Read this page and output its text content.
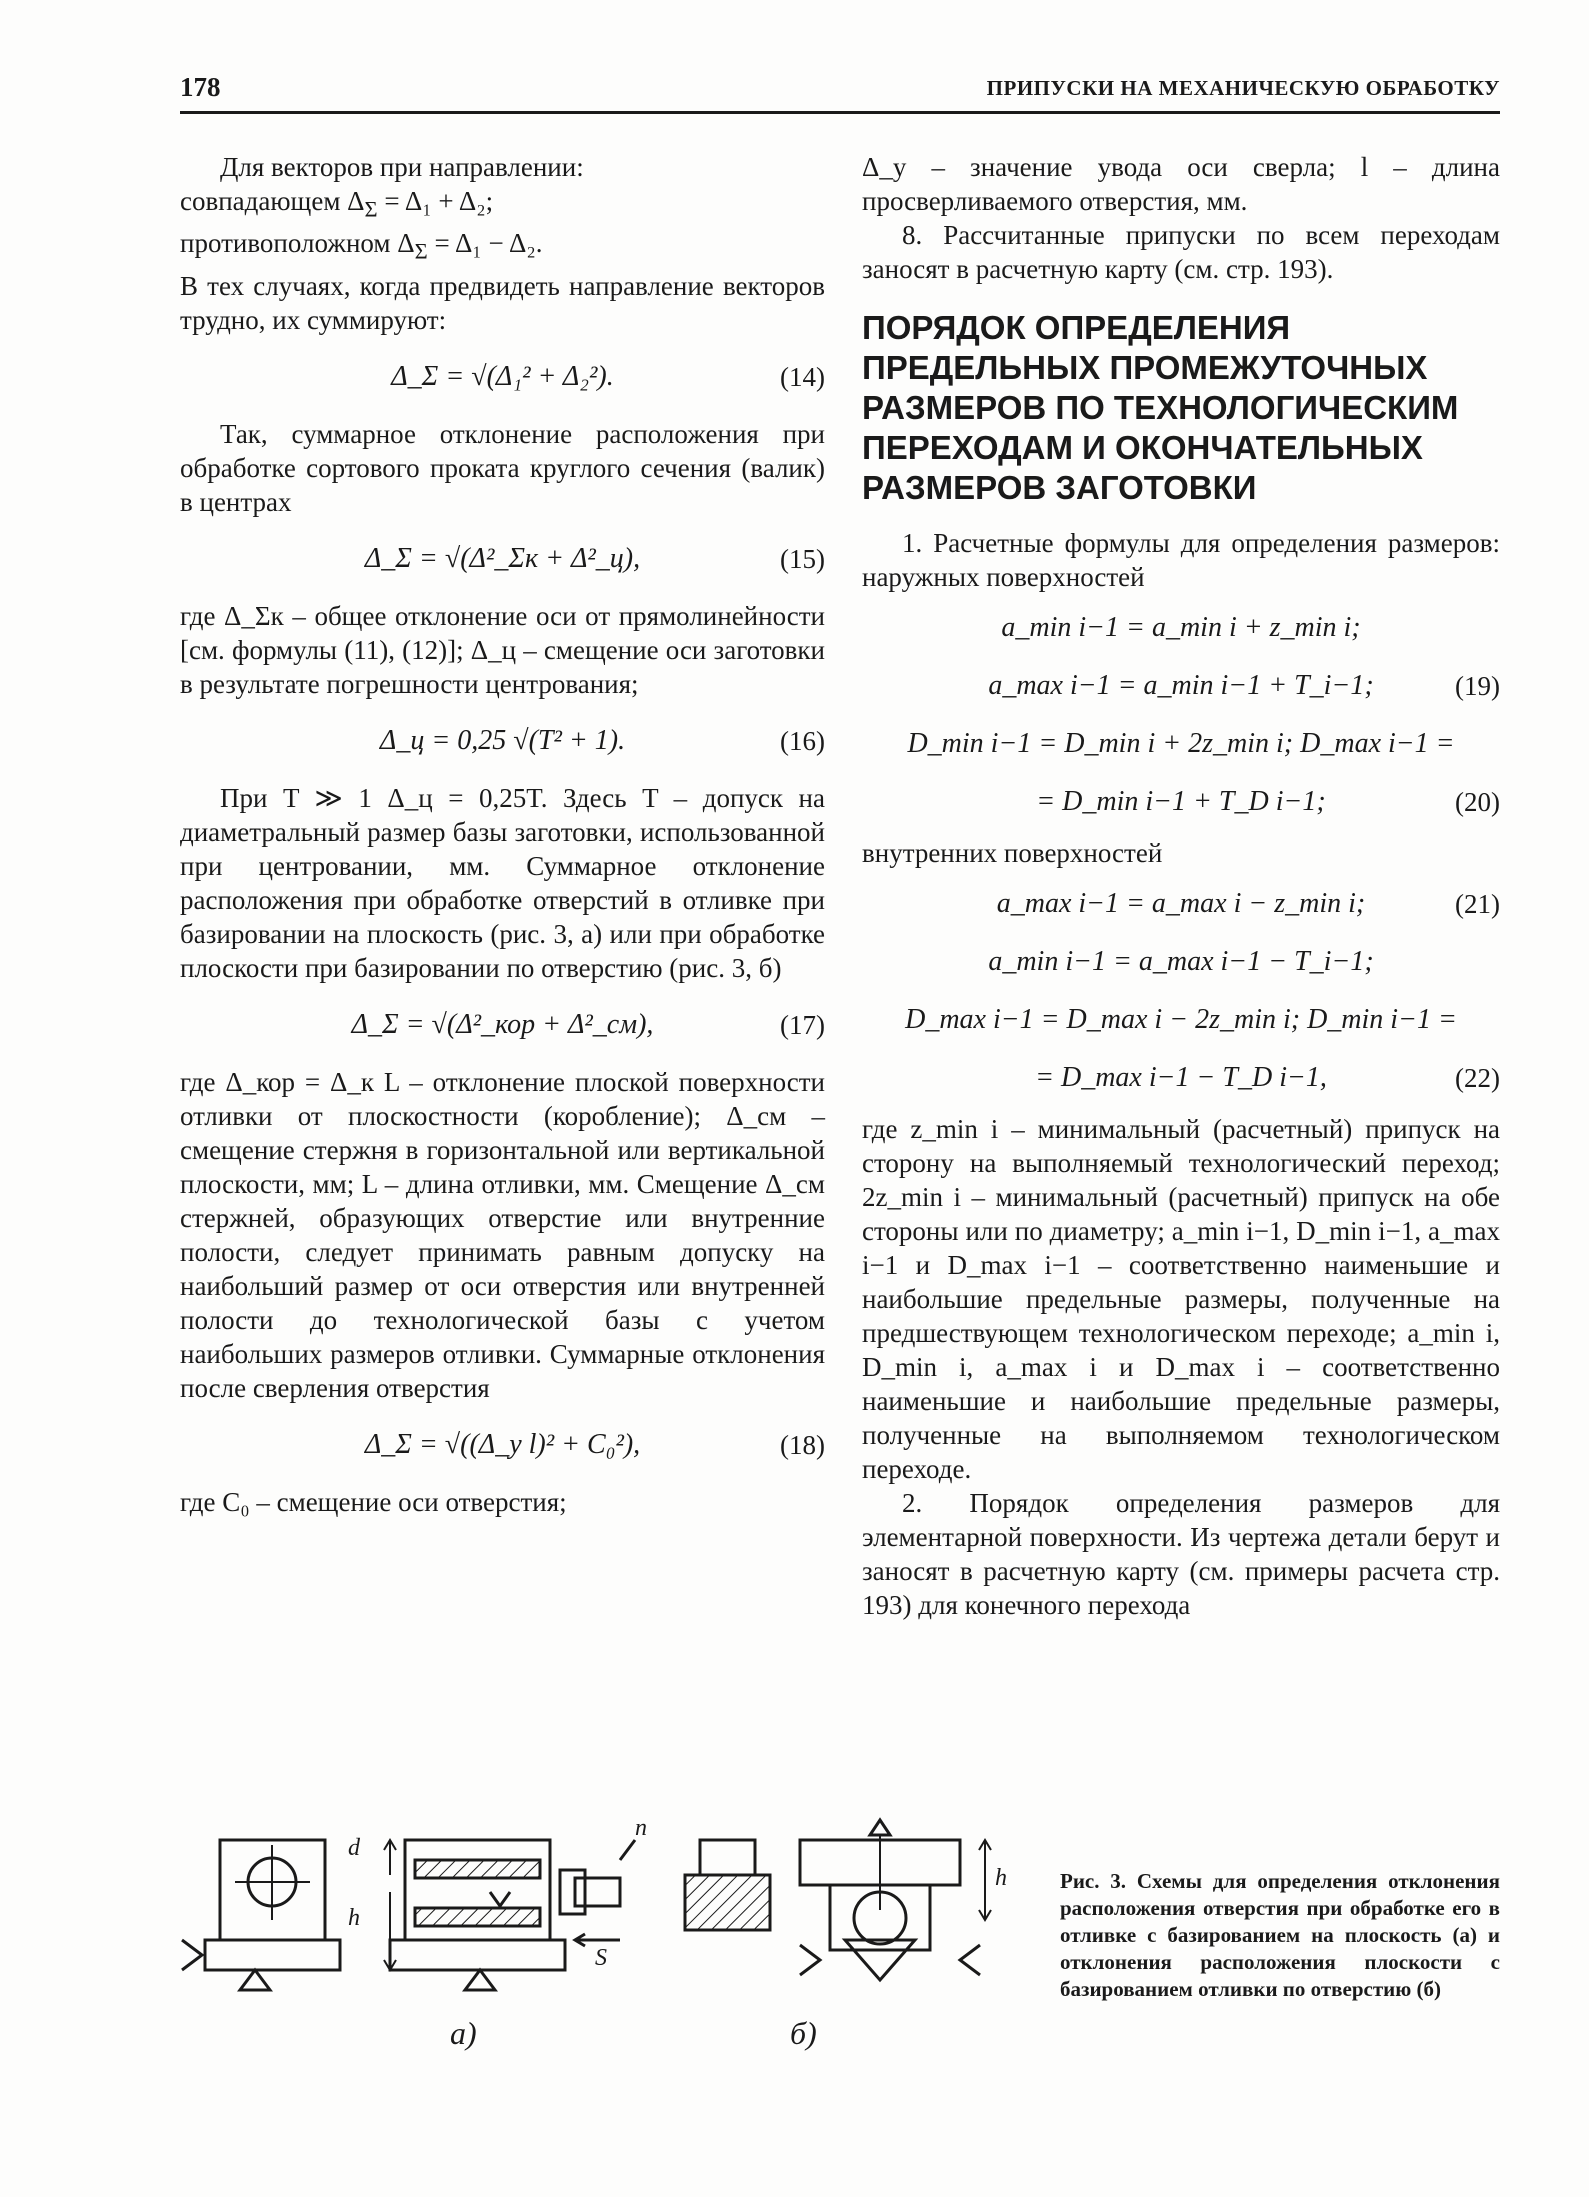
178	ПРИПУСКИ НА МЕХАНИЧЕСКУЮ ОБРАБОТКУ

Для векторов при направлении:

совпадающем $\Delta_\Sigma = \Delta_1 + \Delta_2$;

противоположном $\Delta_\Sigma = \Delta_1 - \Delta_2$.

В тех случаях, когда предвидеть направление векторов трудно, их суммируют:

Δ_Σ = √(Δ₁² + Δ₂²).	(14)

Так, суммарное отклонение расположения при обработке сортового проката круглого сечения (валик) в центрах

Δ_Σ = √(Δ²_Σк + Δ²_ц),	(15)

где Δ_Σк – общее отклонение оси от прямолинейности [см. формулы (11), (12)]; Δ_ц – смещение оси заготовки в результате погрешности центрования;

Δ_ц = 0,25 √(T² + 1).	(16)

При T ≫ 1 Δ_ц = 0,25T. Здесь T – допуск на диаметральный размер базы заготовки, использованной при центровании, мм. Суммарное отклонение расположения при обработке отверстий в отливке при базировании на плоскость (рис. 3, а) или при обработке плоскости при базировании по отверстию (рис. 3, б)

Δ_Σ = √(Δ²_кор + Δ²_см),	(17)

где Δ_кор = Δ_к L – отклонение плоской поверхности отливки от плоскостности (коробление); Δ_см – смещение стержня в горизонтальной или вертикальной плоскости, мм; L – длина отливки, мм. Смещение Δ_см стержней, образующих отверстие или внутренние полости, следует принимать равным допуску на наибольший размер от оси отверстия или внутренней полости до технологической базы с учетом наибольших размеров отливки. Суммарные отклонения после сверления отверстия

Δ_Σ = √((Δ_y l)² + C₀²),	(18)

где C₀ – смещение оси отверстия;

Δ_y – значение увода оси сверла; l – длина просверливаемого отверстия, мм.

8. Рассчитанные припуски по всем переходам заносят в расчетную карту (см. стр. 193).

ПОРЯДОК ОПРЕДЕЛЕНИЯ ПРЕДЕЛЬНЫХ ПРОМЕЖУТОЧНЫХ РАЗМЕРОВ ПО ТЕХНОЛОГИЧЕСКИМ ПЕРЕХОДАМ И ОКОНЧАТЕЛЬНЫХ РАЗМЕРОВ ЗАГОТОВКИ

1. Расчетные формулы для определения размеров: наружных поверхностей

a_min i−1 = a_min i + z_min i;
a_max i−1 = a_min i−1 + T_i−1;	(19)
D_min i−1 = D_min i + 2z_min i; D_max i−1 =
= D_min i−1 + T_D i−1;	(20)

внутренних поверхностей

a_max i−1 = a_max i − z_min i;	(21)
a_min i−1 = a_max i−1 − T_i−1;
D_max i−1 = D_max i − 2z_min i; D_min i−1 =
= D_max i−1 − T_D i−1,	(22)

где z_min i – минимальный (расчетный) припуск на сторону на выполняемый технологический переход; 2z_min i – минимальный (расчетный) припуск на обе стороны или по диаметру; a_min i−1, D_min i−1, a_max i−1 и D_max i−1 – соответственно наименьшие и наибольшие предельные размеры, полученные на предшествующем технологическом переходе; a_min i, D_min i, a_max i и D_max i – соответственно наименьшие и наибольшие предельные размеры, полученные на выполняемом технологическом переходе.

2. Порядок определения размеров для элементарной поверхности. Из чертежа детали берут и заносят в расчетную карту (см. примеры расчета стр. 193) для конечного перехода

а)	б)
d
h
h
n
S
Рис. 3. Схемы для определения отклонения расположения отверстия при обработке его в отливке с базированием на плоскость (а) и отклонения расположения плоскости с базированием отливки по отверстию (б)
